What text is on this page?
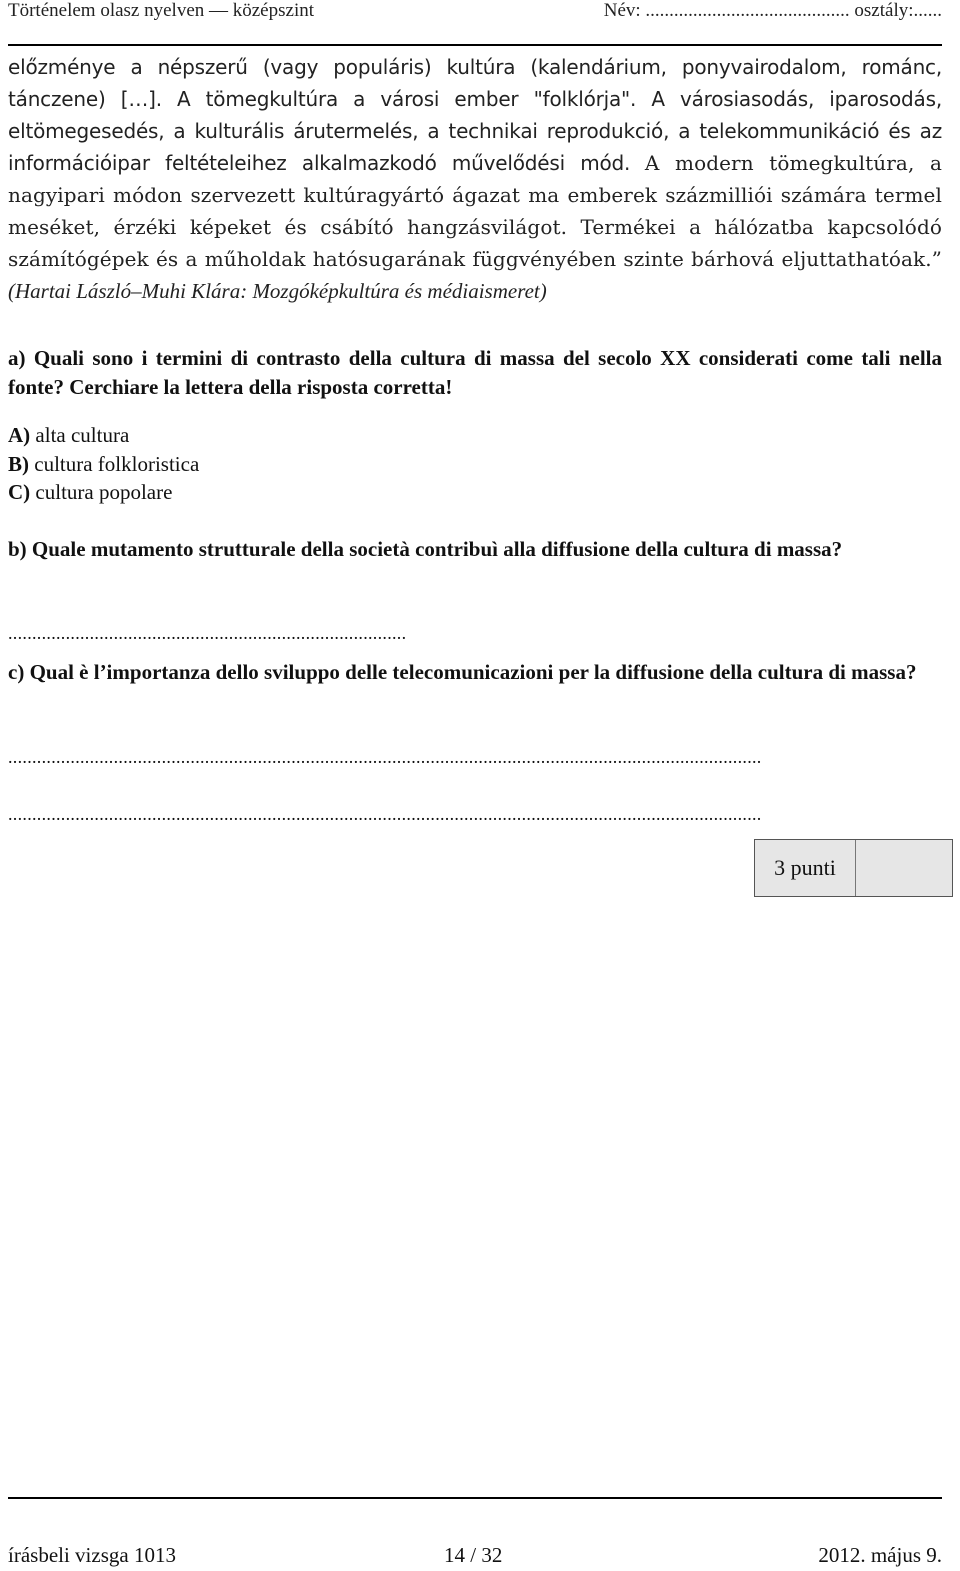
Történelem olasz nyelven — középszint	Név: ........................................... osztály:......
előzménye a népszerű (vagy populáris) kultúra (kalendárium, ponyvairodalom, románc, tánczene) […]. A tömegkultúra a városi ember "folklórja". A városiasodás, iparosodás, eltömegesedés, a kulturális árutermelés, a technikai reprodukció, a telekommunikáció és az információipar feltételeihez alkalmazkodó művelődési mód. A modern tömegkultúra, a nagyipari módon szervezett kultúragyártó ágazat ma emberek százmilliói számára termel meséket, érzéki képeket és csábító hangzásvilágot. Termékei a hálózatba kapcsolódó számítógépek és a műholdak hatósugarának függvényében szinte bárhová eljuttathatóak.” (Hartai László–Muhi Klára: Mozgóképkultúra és médiaismeret)
a) Quali sono i termini di contrasto della cultura di massa del secolo XX considerati come tali nella fonte? Cerchiare la lettera della risposta corretta!
A) alta cultura
B) cultura folkloristica
C) cultura popolare
b) Quale mutamento strutturale della società contribuì alla diffusione della cultura di massa?
...................................................................................
c) Qual è l’importanza dello sviluppo delle telecomunicazioni per la diffusione della cultura di massa?
.............................................................................................................................................................
.............................................................................................................................................................
3 punti
írásbeli vizsga 1013	14 / 32	2012. május 9.
